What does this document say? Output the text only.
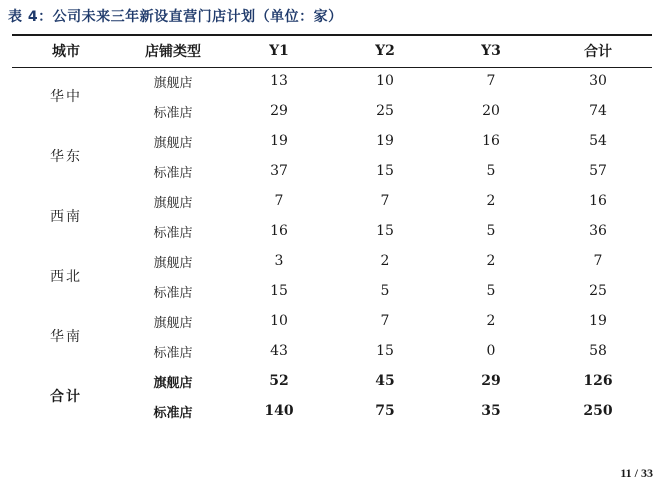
表 4：公司未来三年新设直营门店计划（单位：家）
城市	店铺类型	Y1	Y2	Y3	合计
华中	旗舰店	13	10	7	30
	标准店	29	25	20	74
华东	旗舰店	19	19	16	54
	标准店	37	15	5	57
西南	旗舰店	7	7	2	16
	标准店	16	15	5	36
西北	旗舰店	3	2	2	7
	标准店	15	5	5	25
华南	旗舰店	10	7	2	19
	标准店	43	15	0	58
合计	旗舰店	52	45	29	126
	标准店	140	75	35	250
11 / 33
